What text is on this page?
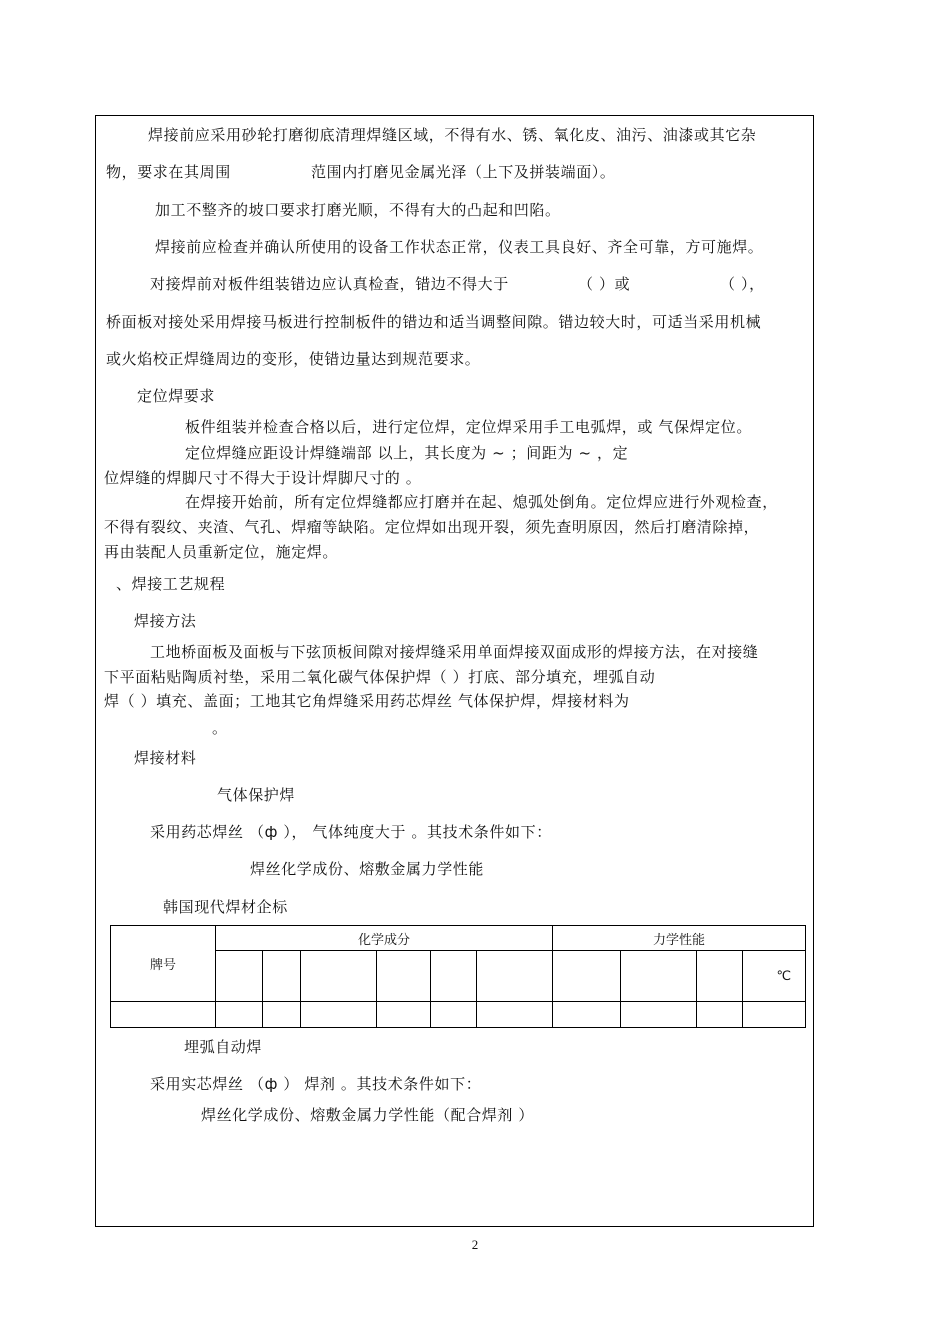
焊接前应采用砂轮打磨彻底清理焊缝区域，不得有水、锈、氧化皮、油污、油漆或其它杂
物，要求在其周围	范围内打磨见金属光泽（上下及拼装端面）。
加工不整齐的坡口要求打磨光顺，不得有大的凸起和凹陷。
焊接前应检查并确认所使用的设备工作状态正常，仪表工具良好、齐全可靠，方可施焊。
对接焊前对板件组装错边应认真检查，错边不得大于	（ ）或	（ ），
桥面板对接处采用焊接马板进行控制板件的错边和适当调整间隙。错边较大时，可适当采用机械
或火焰校正焊缝周边的变形，使错边量达到规范要求。
定位焊要求
板件组装并检查合格以后，进行定位焊，定位焊采用手工电弧焊，或 气保焊定位。
定位焊缝应距设计焊缝端部 以上，其长度为 ~ ；间距为 ~ ，定
位焊缝的焊脚尺寸不得大于设计焊脚尺寸的 。
在焊接开始前，所有定位焊缝都应打磨并在起、熄弧处倒角。定位焊应进行外观检查，
不得有裂纹、夹渣、气孔、焊瘤等缺陷。定位焊如出现开裂，须先查明原因，然后打磨清除掉，
再由装配人员重新定位，施定焊。
、焊接工艺规程
焊接方法
工地桥面板及面板与下弦顶板间隙对接焊缝采用单面焊接双面成形的焊接方法，在对接缝
下平面粘贴陶质衬垫，采用二氧化碳气体保护焊（ ）打底、部分填充，埋弧自动
焊（ ）填充、盖面；工地其它角焊缝采用药芯焊丝 气体保护焊，焊接材料为
。
焊接材料
气体保护焊
采用药芯焊丝 （ф ）， 气体纯度大于 。其技术条件如下：
焊丝化学成份、熔敷金属力学性能
韩国现代焊材企标
牌号	化学成分						力学性能			
										℃

埋弧自动焊
采用实芯焊丝 （ф ） 焊剂 。其技术条件如下：
焊丝化学成份、熔敷金属力学性能（配合焊剂 ）
2
